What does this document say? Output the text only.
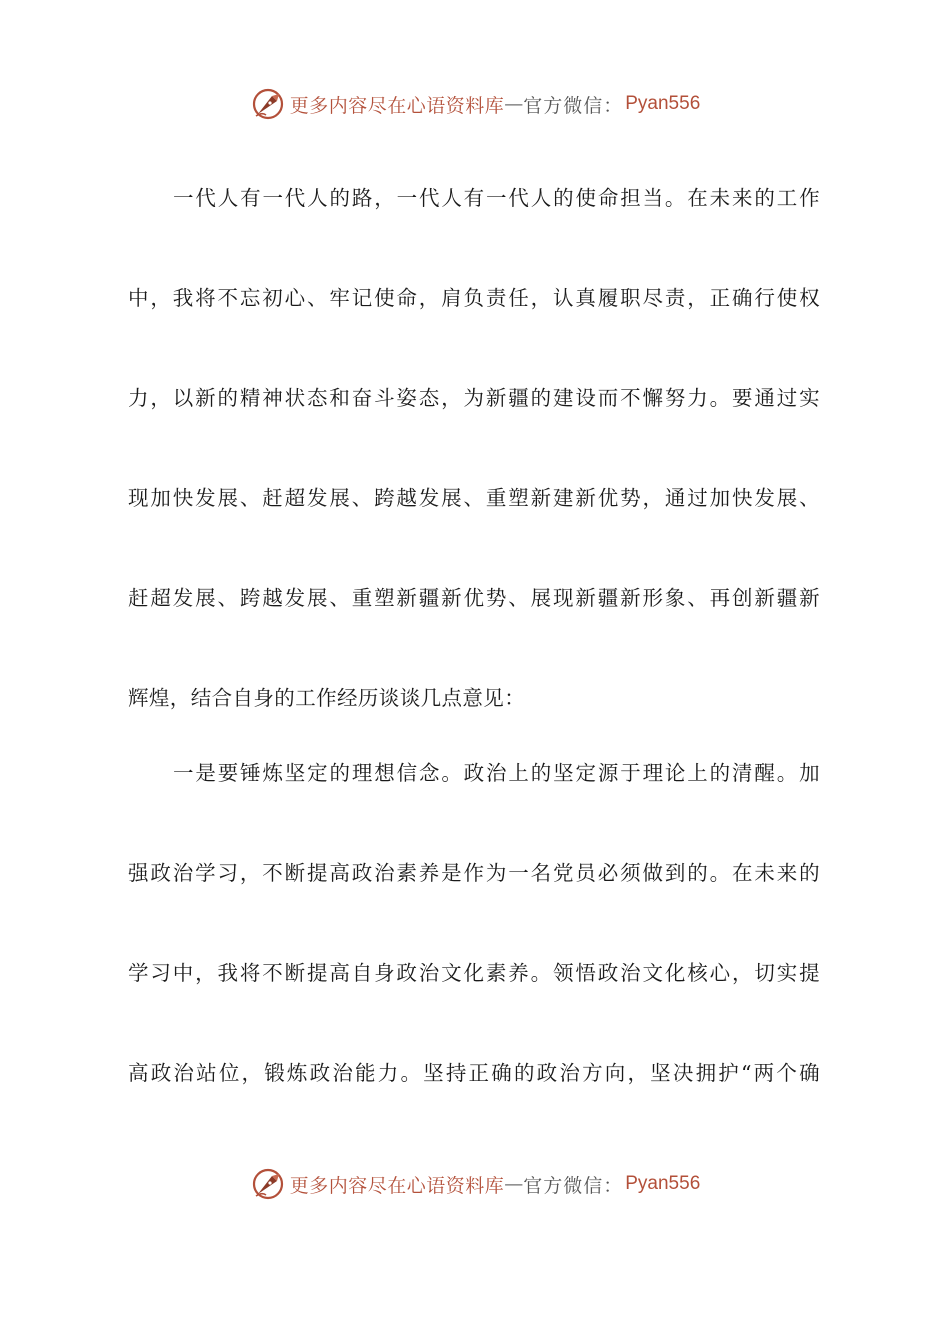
更多内容尽在心语资料库 — 官方微信： Pyan556
一代人有一代人的路，一代人有一代人的使命担当。在未来的工作
中，我将不忘初心、牢记使命，肩负责任，认真履职尽责，正确行使权
力，以新的精神状态和奋斗姿态，为新疆的建设而不懈努力。要通过实
现加快发展、赶超发展、跨越发展、重塑新建新优势，通过加快发展、
赶超发展、跨越发展、重塑新疆新优势、展现新疆新形象、再创新疆新
辉煌，结合自身的工作经历谈谈几点意见：
一是要锤炼坚定的理想信念。政治上的坚定源于理论上的清醒。加
强政治学习，不断提高政治素养是作为一名党员必须做到的。在未来的
学习中，我将不断提高自身政治文化素养。领悟政治文化核心，切实提
高政治站位，锻炼政治能力。坚持正确的政治方向，坚决拥护“两个确
更多内容尽在心语资料库 — 官方微信： Pyan556
